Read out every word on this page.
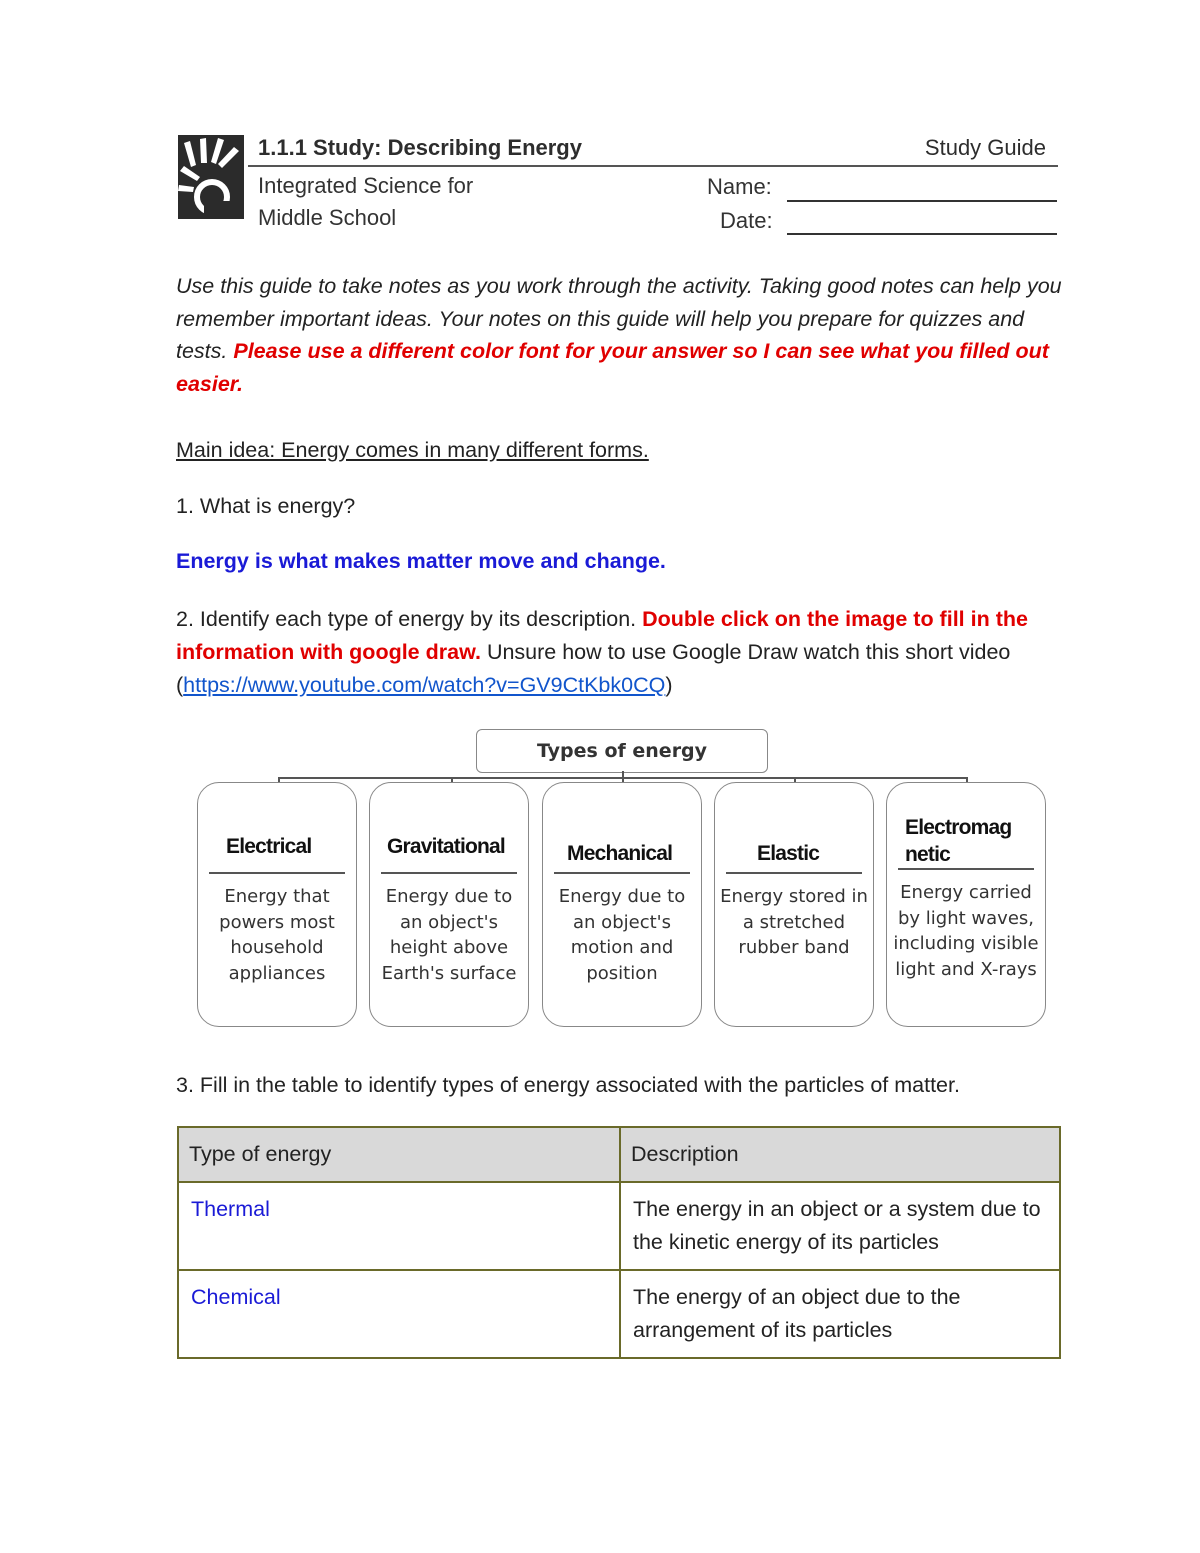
1.1.1 Study: Describing Energy	Study Guide
Integrated Science for
Middle School
Name:
Date:
Use this guide to take notes as you work through the activity. Taking good notes can help you remember important ideas. Your notes on this guide will help you prepare for quizzes and tests. Please use a different color font for your answer so I can see what you filled out easier.
Main idea: Energy comes in many different forms.
1. What is energy?
Energy is what makes matter move and change.
2. Identify each type of energy by its description. Double click on the image to fill in the information with google draw. Unsure how to use Google Draw watch this short video
(https://www.youtube.com/watch?v=GV9CtKbk0CQ)
Types of energy
Electrical
Energy that powers most household appliances
Gravitational
Energy due to an object's height above Earth's surface
Mechanical
Energy due to an object's motion and position
Elastic
Energy stored in a stretched rubber band
Electromag
netic
Energy carried by light waves, including visible light and X-rays
3. Fill in the table to identify types of energy associated with the particles of matter.
Type of energy	Description
Thermal	The energy in an object or a system due to the kinetic energy of its particles
Chemical	The energy of an object due to the arrangement of its particles
